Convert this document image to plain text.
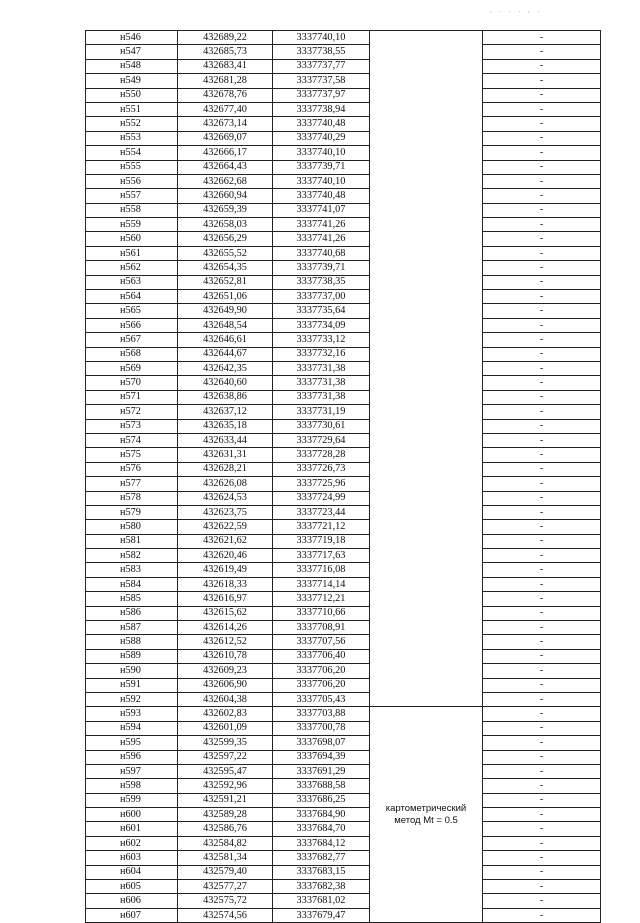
, . . . , .
н546	432689,22	3337740,10		-
н547	432685,73	3337738,55		-
н548	432683,41	3337737,77		-
н549	432681,28	3337737,58		-
н550	432678,76	3337737,97		-
н551	432677,40	3337738,94		-
н552	432673,14	3337740,48		-
н553	432669,07	3337740,29		-
н554	432666,17	3337740,10		-
н555	432664,43	3337739,71		-
н556	432662,68	3337740,10		-
н557	432660,94	3337740,48		-
н558	432659,39	3337741,07		-
н559	432658,03	3337741,26		-
н560	432656,29	3337741,26		-
н561	432655,52	3337740,68		-
н562	432654,35	3337739,71		-
н563	432652,81	3337738,35		-
н564	432651,06	3337737,00		-
н565	432649,90	3337735,64		-
н566	432648,54	3337734,09		-
н567	432646,61	3337733,12		-
н568	432644,67	3337732,16		-
н569	432642,35	3337731,38		-
н570	432640,60	3337731,38		-
н571	432638,86	3337731,38		-
н572	432637,12	3337731,19		-
н573	432635,18	3337730,61		-
н574	432633,44	3337729,64		-
н575	432631,31	3337728,28		-
н576	432628,21	3337726,73		-
н577	432626,08	3337725,96		-
н578	432624,53	3337724,99		-
н579	432623,75	3337723,44		-
н580	432622,59	3337721,12		-
н581	432621,62	3337719,18		-
н582	432620,46	3337717,63		-
н583	432619,49	3337716,08		-
н584	432618,33	3337714,14		-
н585	432616,97	3337712,21		-
н586	432615,62	3337710,66		-
н587	432614,26	3337708,91		-
н588	432612,52	3337707,56		-
н589	432610,78	3337706,40		-
н590	432609,23	3337706,20		-
н591	432606,90	3337706,20		-
н592	432604,38	3337705,43		-
н593	432602,83	3337703,88	картометрический метод Mt = 0.5	-
н594	432601,09	3337700,78		-
н595	432599,35	3337698,07		-
н596	432597,22	3337694,39		-
н597	432595,47	3337691,29		-
н598	432592,96	3337688,58		-
н599	432591,21	3337686,25		-
н600	432589,28	3337684,90		-
н601	432586,76	3337684,70		-
н602	432584,82	3337684,12		-
н603	432581,34	3337682,77		-
н604	432579,40	3337683,15		-
н605	432577,27	3337682,38		-
н606	432575,72	3337681,02		-
н607	432574,56	3337679,47		-
